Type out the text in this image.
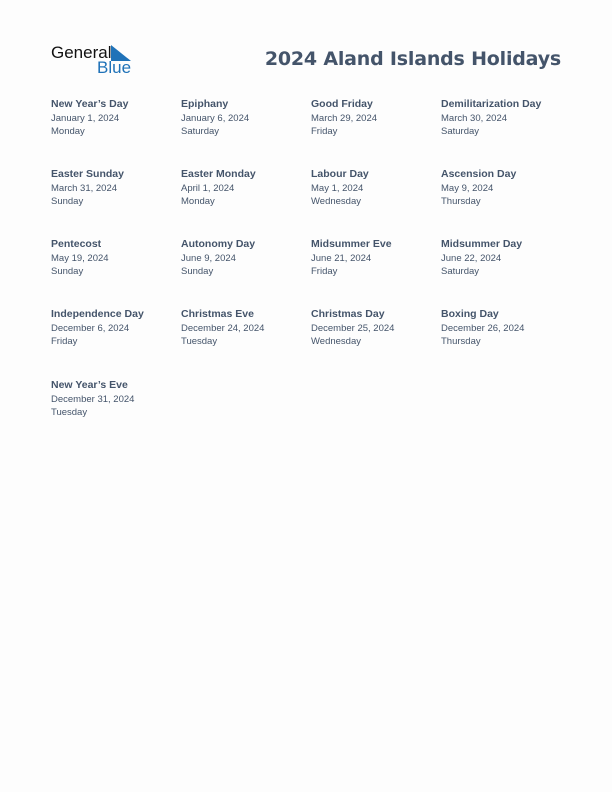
General
Blue	2024 Aland Islands Holidays
New Year’s Day
January 1, 2024
Monday
Epiphany
January 6, 2024
Saturday
Good Friday
March 29, 2024
Friday
Demilitarization Day
March 30, 2024
Saturday
Easter Sunday
March 31, 2024
Sunday
Easter Monday
April 1, 2024
Monday
Labour Day
May 1, 2024
Wednesday
Ascension Day
May 9, 2024
Thursday
Pentecost
May 19, 2024
Sunday
Autonomy Day
June 9, 2024
Sunday
Midsummer Eve
June 21, 2024
Friday
Midsummer Day
June 22, 2024
Saturday
Independence Day
December 6, 2024
Friday
Christmas Eve
December 24, 2024
Tuesday
Christmas Day
December 25, 2024
Wednesday
Boxing Day
December 26, 2024
Thursday
New Year’s Eve
December 31, 2024
Tuesday
